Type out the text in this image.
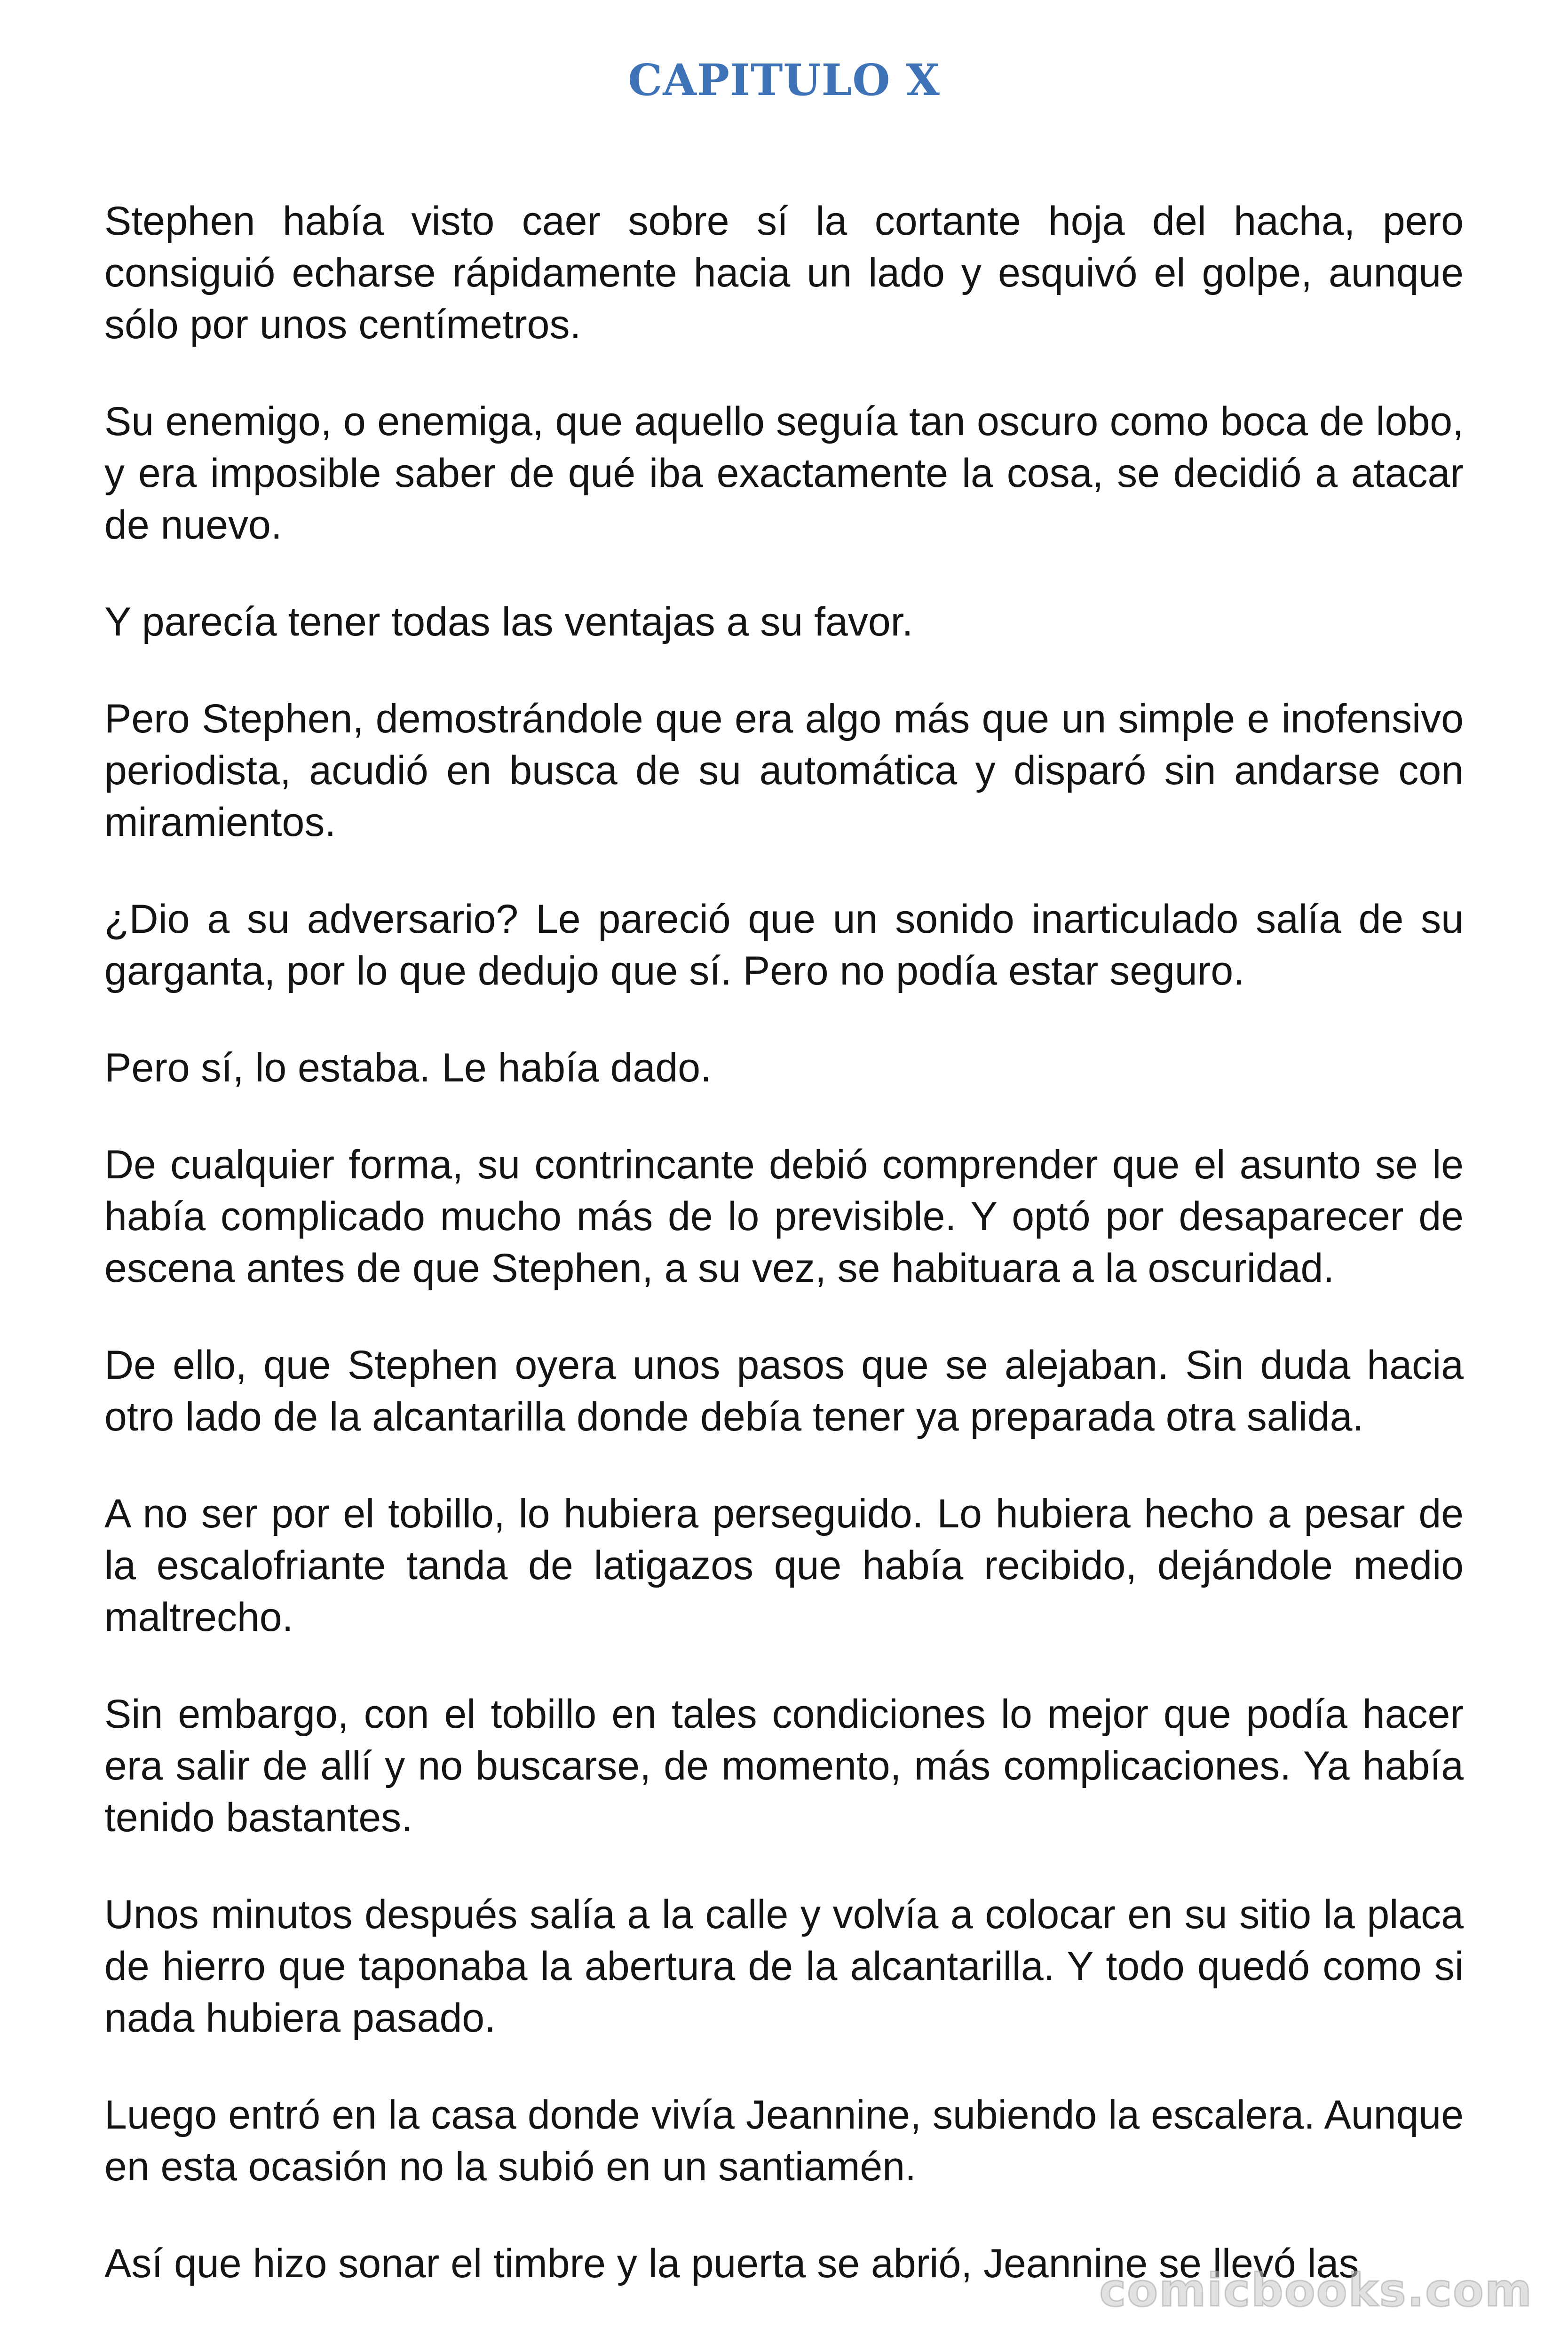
CAPITULO X

Stephen había visto caer sobre sí la cortante hoja del hacha, pero consiguió echarse rápidamente hacia un lado y esquivó el golpe, aunque sólo por unos centímetros.

Su enemigo, o enemiga, que aquello seguía tan oscuro como boca de lobo, y era imposible saber de qué iba exactamente la cosa, se decidió a atacar de nuevo.

Y parecía tener todas las ventajas a su favor.

Pero Stephen, demostrándole que era algo más que un simple e inofensivo periodista, acudió en busca de su automática y disparó sin andarse con miramientos.

¿Dio a su adversario? Le pareció que un sonido inarticulado salía de su garganta, por lo que dedujo que sí. Pero no podía estar seguro.

Pero sí, lo estaba. Le había dado.

De cualquier forma, su contrincante debió comprender que el asunto se le había complicado mucho más de lo previsible. Y optó por desaparecer de escena antes de que Stephen, a su vez, se habituara a la oscuridad.

De ello, que Stephen oyera unos pasos que se alejaban. Sin duda hacia otro lado de la alcantarilla donde debía tener ya preparada otra salida.

A no ser por el tobillo, lo hubiera perseguido. Lo hubiera hecho a pesar de la escalofriante tanda de latigazos que había recibido, dejándole medio maltrecho.

Sin embargo, con el tobillo en tales condiciones lo mejor que podía hacer era salir de allí y no buscarse, de momento, más complicaciones. Ya había tenido bastantes.

Unos minutos después salía a la calle y volvía a colocar en su sitio la placa de hierro que taponaba la abertura de la alcantarilla. Y todo quedó como si nada hubiera pasado.

Luego entró en la casa donde vivía Jeannine, subiendo la escalera. Aunque en esta ocasión no la subió en un santiamén.

Así que hizo sonar el timbre y la puerta se abrió, Jeannine se llevó las

comicbooks.com
